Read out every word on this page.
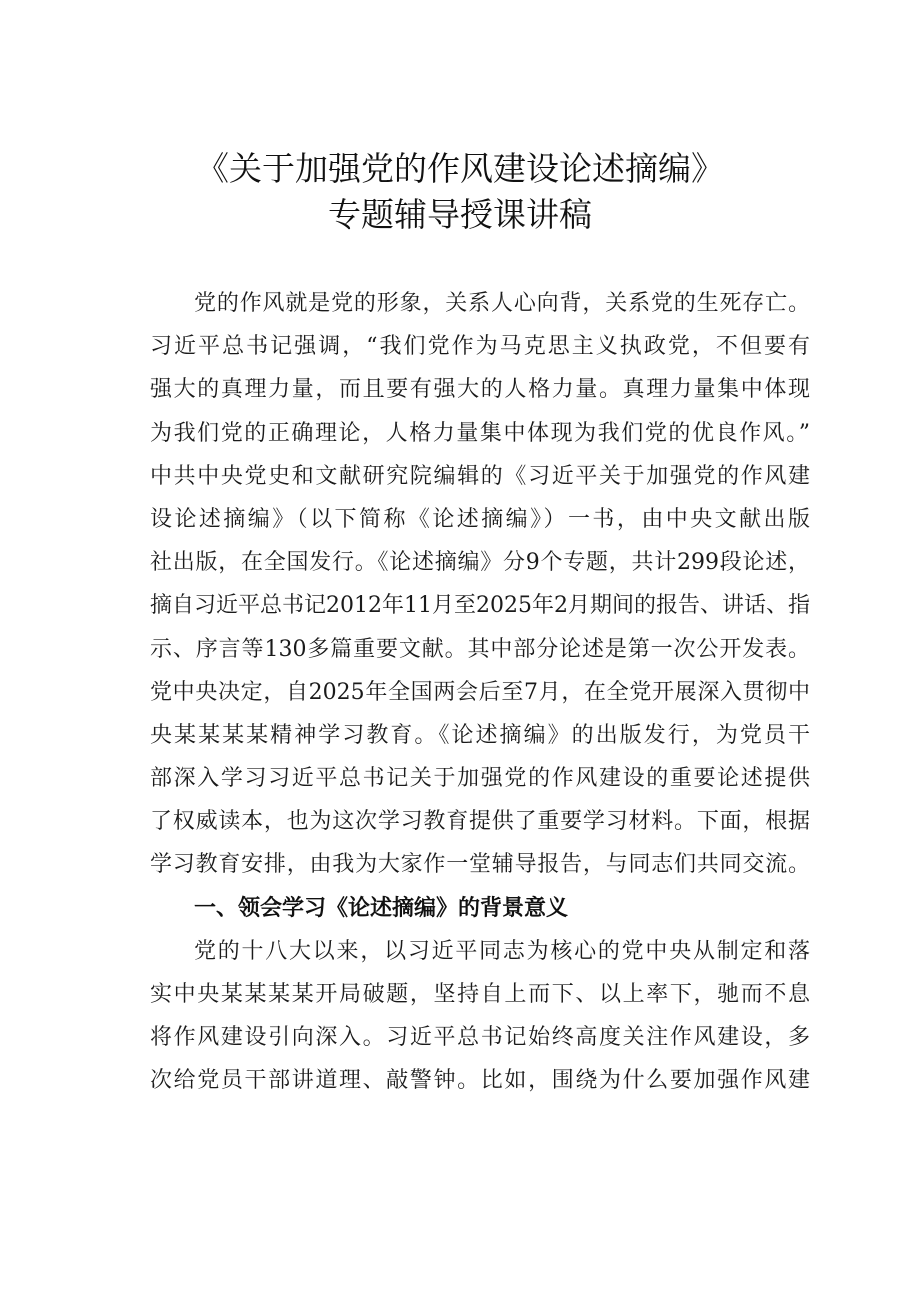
《关于加强党的作风建设论述摘编》
专题辅导授课讲稿
党的作风就是党的形象，关系人心向背，关系党的生死存亡。
习近平总书记强调，“我们党作为马克思主义执政党，不但要有
强大的真理力量，而且要有强大的人格力量。真理力量集中体现
为我们党的正确理论，人格力量集中体现为我们党的优良作风。”
中共中央党史和文献研究院编辑的《习近平关于加强党的作风建
设论述摘编》（以下简称《论述摘编》）一书，由中央文献出版
社出版，在全国发行。《论述摘编》分9个专题，共计299段论述，
摘自习近平总书记2012年11月至2025年2月期间的报告、讲话、指
示、序言等130多篇重要文献。其中部分论述是第一次公开发表。
党中央决定，自2025年全国两会后至7月，在全党开展深入贯彻中
央某某某某精神学习教育。《论述摘编》的出版发行，为党员干
部深入学习习近平总书记关于加强党的作风建设的重要论述提供
了权威读本，也为这次学习教育提供了重要学习材料。下面，根据
学习教育安排，由我为大家作一堂辅导报告，与同志们共同交流。
一、领会学习《论述摘编》的背景意义
党的十八大以来，以习近平同志为核心的党中央从制定和落
实中央某某某某开局破题，坚持自上而下、以上率下，驰而不息
将作风建设引向深入。习近平总书记始终高度关注作风建设，多
次给党员干部讲道理、敲警钟。比如，围绕为什么要加强作风建
